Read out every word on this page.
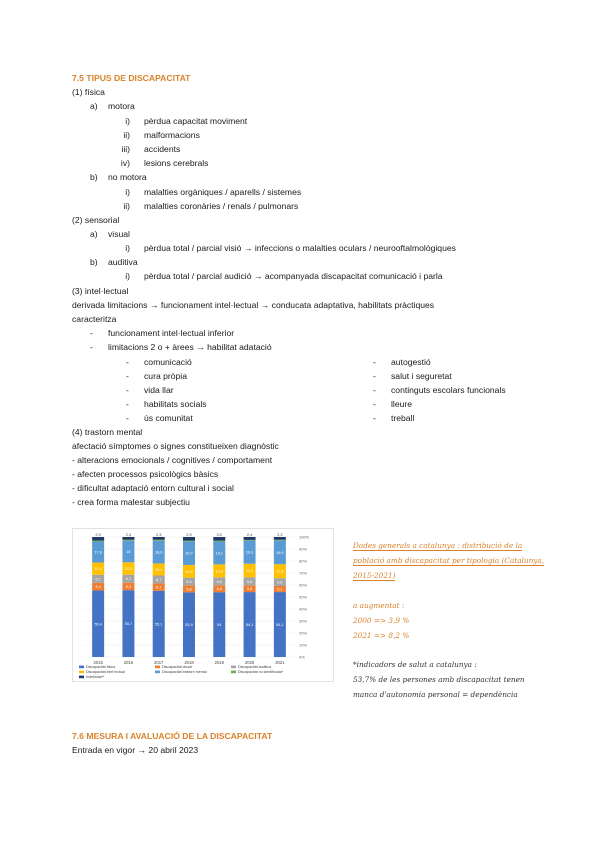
7.5 TIPUS DE DISCAPACITAT
(1) física
a) motora
i) pèrdua capacitat moviment
ii) malformacions
iii) accidents
iv) lesions cerebrals
b) no motora
i) malalties orgàniques / aparells / sistemes
ii) malalties coronàries / renals / pulmonars
(2) sensorial
a) visual
i) pèrdua total / parcial visió → infeccions o malalties oculars / neurooftalmològiques
b) auditiva
i) pèrdua total / parcial audició → acompanyada discapacitat comunicació i parla
(3) intel·lectual
derivada limitacions → funcionament intel·lectual → conducata adaptativa, habilitats pràctiques
caracteritza
- funcionament intel·lectual inferior
- limitacions 2 o + àrees → habilitat adatació
- comunicació
- cura pròpia
- vida llar
- habilitats socials
- ús comunitat
- autogestió
- salut i seguretat
- continguts escolars funcionals
- lleure
- treball
(4) trastorn mental
afectació símptomes o signes constitueixen diagnòstic
- alteracions emocionals / cognitives / comportament
- afecten processos psicològics bàsics
- dificultat adaptació entorn cultural i social
- crea forma malestar subjectiu
0%
10%
20%
30%
40%
50%
60%
70%
80%
90%
100%
55,4
6,4
6,7
10,2
17,6
2,9
2015
55,7
6,2
6,7
10,3
18
2,3
2016
55,1
6,1
6,7
10,1
18,9
2,3
2017
53,9
5,8
6,4
10,6
19,7
2,9
2018
54
5,8
6,6
10,8
19,1
3,0
2019
54,1
5,6
6,8
11,2
19,3
2,4
2020
54,1
5,1
6,5
11,6
19,9
2,3
2021
Discapacitat física	Discapacitat visual	Discapacitat auditiva
Discapacitat intel·lectual	Discapacitat trastorn mental	Discapacitat no identificada*
Indefinida**
Dades generals a catalunya : distribució de la
població amb discapacitat per tipologia (Catalunya,
2015-2021)
a augmentat :
2000 => 3,9 %
2021 => 8,2 %
*indicadors de salut a catalunya :
53,7% de les persones amb discapacitat tenen
manca d'autonomia personal = dependència
7.6 MESURA I AVALUACIÓ DE LA DISCAPACITAT
Entrada en vigor → 20 abril 2023
